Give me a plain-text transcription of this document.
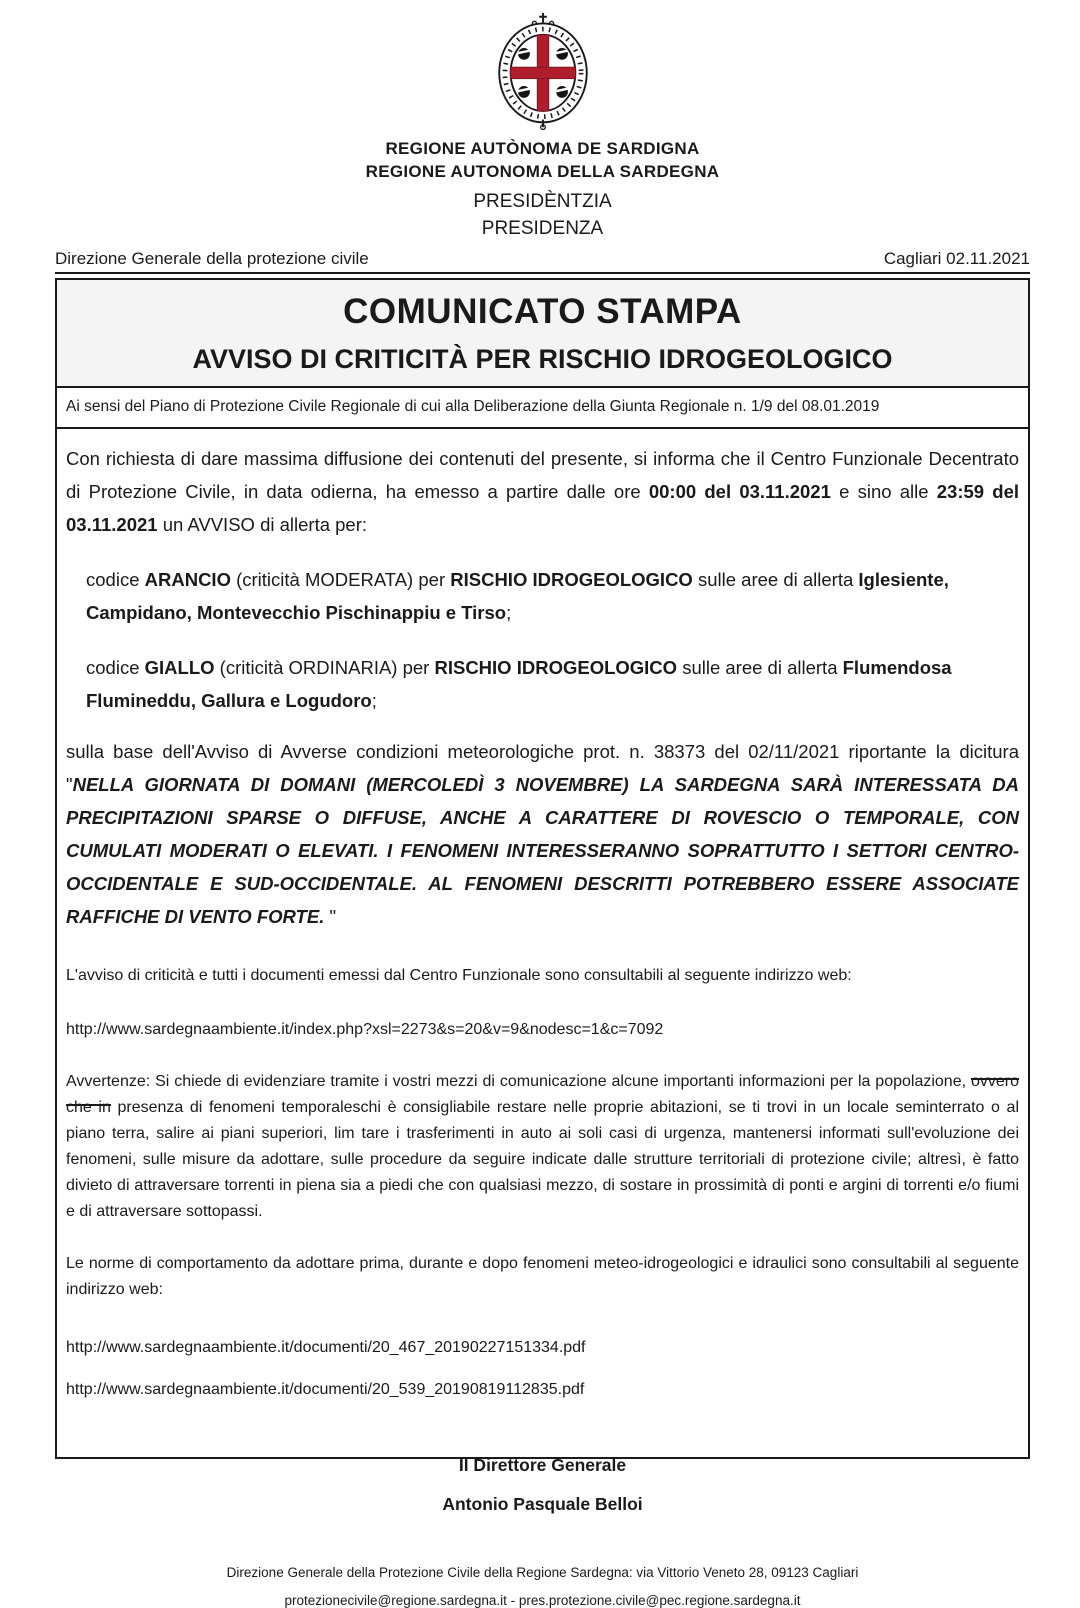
REGIONE AUTÒNOMA DE SARDIGNA
REGIONE AUTONOMA DELLA SARDEGNA
PRESIDÈNTZIA
PRESIDENZA
Direzione Generale della protezione civile	Cagliari 02.11.2021
COMUNICATO STAMPA
AVVISO DI CRITICITÀ PER RISCHIO IDROGEOLOGICO
Ai sensi del Piano di Protezione Civile Regionale di cui alla Deliberazione della Giunta Regionale n. 1/9 del 08.01.2019

Con richiesta di dare massima diffusione dei contenuti del presente, si informa che il Centro Funzionale Decentrato di Protezione Civile, in data odierna, ha emesso a partire dalle ore 00:00 del 03.11.2021 e sino alle 23:59 del 03.11.2021 un AVVISO di allerta per:

codice ARANCIO (criticità MODERATA) per RISCHIO IDROGEOLOGICO sulle aree di allerta Iglesiente, Campidano, Montevecchio Pischinappiu e Tirso;

codice GIALLO (criticità ORDINARIA) per RISCHIO IDROGEOLOGICO sulle aree di allerta Flumendosa Flumineddu, Gallura e Logudoro;

sulla base dell'Avviso di Avverse condizioni meteorologiche prot. n. 38373 del 02/11/2021 riportante la dicitura "NELLA GIORNATA DI DOMANI (MERCOLEDÌ 3 NOVEMBRE) LA SARDEGNA SARÀ INTERESSATA DA PRECIPITAZIONI SPARSE O DIFFUSE, ANCHE A CARATTERE DI ROVESCIO O TEMPORALE, CON CUMULATI MODERATI O ELEVATI. I FENOMENI INTERESSERANNO SOPRATTUTTO I SETTORI CENTRO-OCCIDENTALE E SUD-OCCIDENTALE. AL FENOMENI DESCRITTI POTREBBERO ESSERE ASSOCIATE RAFFICHE DI VENTO FORTE. "

L'avviso di criticità e tutti i documenti emessi dal Centro Funzionale sono consultabili al seguente indirizzo web:

http://www.sardegnaambiente.it/index.php?xsl=2273&s=20&v=9&nodesc=1&c=7092

Avvertenze: Si chiede di evidenziare tramite i vostri mezzi di comunicazione alcune importanti informazioni per la popolazione, ovvero che in presenza di fenomeni temporaleschi è consigliabile restare nelle proprie abitazioni, se ti trovi in un locale seminterrato o al piano terra, salire ai piani superiori, lim tare i trasferimenti in auto ai soli casi di urgenza, mantenersi informati sull'evoluzione dei fenomeni, sulle misure da adottare, sulle procedure da seguire indicate dalle strutture territoriali di protezione civile; altresì, è fatto divieto di attraversare torrenti in piena sia a piedi che con qualsiasi mezzo, di sostare in prossimità di ponti e argini di torrenti e/o fiumi e di attraversare sottopassi.

Le norme di comportamento da adottare prima, durante e dopo fenomeni meteo-idrogeologici e idraulici sono consultabili al seguente indirizzo web:

http://www.sardegnaambiente.it/documenti/20_467_20190227151334.pdf

http://www.sardegnaambiente.it/documenti/20_539_20190819112835.pdf

Il Direttore Generale

Antonio Pasquale Belloi

Direzione Generale della Protezione Civile della Regione Sardegna: via Vittorio Veneto 28, 09123 Cagliari

protezionecivile@regione.sardegna.it - pres.protezione.civile@pec.regione.sardegna.it
